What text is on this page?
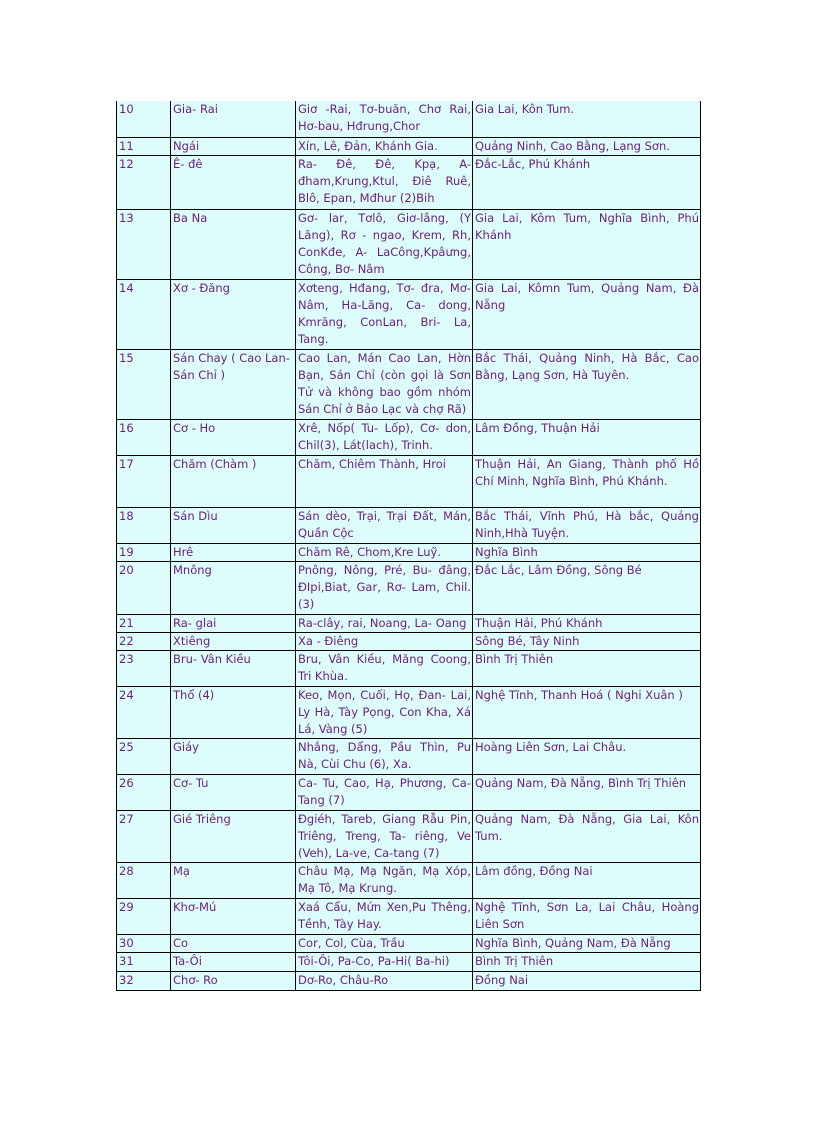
10	Gia- Rai	Giơ -Rai, Tơ-buăn, Chơ Rai, Hơ-bau, Hđrung,Chor	Gia Lai, Kôn Tum.
11	Ngái	Xín, Lê, Đản, Khánh Gia.	Quảng Ninh, Cao Bằng, Lạng Sơn.
12	Ê- đê	Ra- Đê, Đê, Kpạ, A-đham,Krung,Ktul, Điê Ruê, Blô, Epan, Mđhur (2)Bih	Đắc-Lắc, Phú Khánh
13	Ba Na	Gơ- lar, Tơlô, Giơ-lâng, (Y Lăng), Rơ - ngao, Krem, Rh, ConKđe, A- LaCông,Kpâưng, Công, Bơ- Nâm	Gia Lai, Kôm Tum, Nghĩa Bình, Phú Khánh
14	Xơ - Đăng	Xơteng, Hđang, Tơ- đra, Mơ-Nâm, Ha-Lăng, Ca- dong, Kmrăng, ConLan, Bri- La, Tang.	Gia Lai, Kômn Tum, Quảng Nam, Đà Nẵng
15	Sán Chay ( Cao Lan- Sán Chỉ )	Cao Lan, Mán Cao Lan, Hờn Bạn, Sán Chỉ (còn gọi là Sơn Tử và không bao gồm nhóm Sán Chỉ ở Bảo Lạc và chợ Rã)	Bắc Thái, Quảng Ninh, Hà Bắc, Cao Bằng, Lạng Sơn, Hà Tuyên.
16	Cơ - Ho	Xrê, Nốp( Tu- Lốp), Cơ- don, Chil(3), Lát(lach), Trinh.	Lâm Đồng, Thuận Hải
17	Chăm (Chàm )	Chăm, Chiêm Thành, Hroi	Thuận Hải, An Giang, Thành phố Hồ Chí Minh, Nghĩa Bình, Phú Khánh.
18	Sán Dìu	Sán dèo, Trại, Trại Đất, Mán, Quần Cộc	Bắc Thái, Vĩnh Phú, Hà bắc, Quảng Ninh,Hhà Tuyện.
19	Hrê	Chăm Rê, Chom,Kre Luỹ.	Nghĩa Bình
20	Mnông	Pnông, Nông, Pré, Bu- đâng, ĐIpi,Biat, Gar, Rơ- Lam, Chil.(3)	Đắc Lắc, Lâm Đồng, Sông Bé
21	Ra- glai	Ra-clây, rai, Noang, La- Oang	Thuận Hải, Phú Khánh
22	Xtiêng	Xa - Điêng	Sông Bé, Tây Ninh
23	Bru- Vân Kiều	Bru, Vân Kiều, Măng Coong, Tri Khùa.	Bình Trị Thiên
24	Thổ (4)	Keo, Mọn, Cuối, Họ, Đan- Lai, Ly Hà, Tày Pọng, Con Kha, Xá Lá, Vàng (5)	Nghệ Tĩnh, Thanh Hoá ( Nghi Xuân )
25	Giáy	Nhắng, Dẩng, Pầu Thìn, Pu Nà, Cùi Chu (6), Xa.	Hoàng Liên Sơn, Lai Châu.
26	Cơ- Tu	Ca- Tu, Cao, Hạ, Phương, Ca- Tang (7)	Quảng Nam, Đà Nẵng, Bình Trị Thiên
27	Gié Triêng	Đgiéh, Tareb, Giang Rẫu Pin, Triêng, Treng, Ta- riêng, Ve (Veh), La-ve, Ca-tang (7)	Quảng Nam, Đà Nẵng, Gia Lai, Kôn Tum.
28	Mạ	Châu Mạ, Mạ Ngăn, Mạ Xóp, Mạ Tô, Mạ Krung.	Lâm đồng, Đồng Nai
29	Khơ-Mú	Xaá Cẩu, Mứn Xen,Pu Thêng, Tềnh, Tày Hay.	Nghệ Tĩnh, Sơn La, Lai Châu, Hoàng Liên Sơn
30	Co	Cor, Col, Cùa, Trầu	Nghĩa Bình, Quảng Nam, Đà Nẵng
31	Ta-Ôi	Tôi-Ôi, Pa-Co, Pa-Hi( Ba-hi)	Bình Trị Thiên
32	Chơ- Ro	Dơ-Ro, Châu-Ro	Đồng Nai
